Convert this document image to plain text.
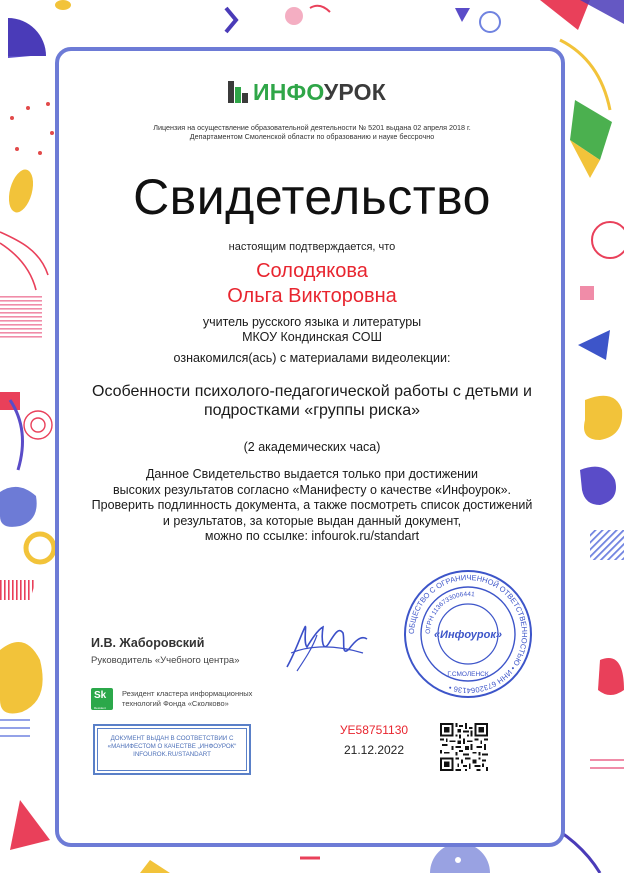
ИНФОУРОК
Лицензия на осуществление образовательной деятельности № 5201 выдана 02 апреля 2018 г.
Департаментом Смоленской области по образованию и науке бессрочно
Свидетельство
настоящим подтверждается, что
Солодякова
Ольга Викторовна
учитель русского языка и литературы
МКОУ Кондинская СОШ
ознакомился(ась) с материалами видеолекции:
Особенности психолого-педагогической работы с детьми и
подростками «группы риска»
(2 академических часа)
Данное Свидетельство выдается только при достижении
высоких результатов согласно «Манифесту о качестве «Инфоурок».
Проверить подлинность документа, а также посмотреть список достижений
и результатов, за которые выдан данный документ,
можно по ссылке: infourok.ru/standart
И.В. Жаборовский
Руководитель «Учебного центра»
ОБЩЕСТВО С ОГРАНИЧЕННОЙ ОТВЕТСТВЕННОСТЬЮ • ИНН 6732064136 •
ОГРН 1136733006441
«Инфоурок»
Г.СМОЛЕНСК
Sk
Resident
Резидент кластера информационных
технологий Фонда «Сколково»
ДОКУМЕНТ ВЫДАН В СООТВЕТСТВИИ С
«МАНИФЕСТОМ О КАЧЕСТВЕ „ИНФОУРОК“
INFOUROK.RU/STANDART
УЕ58751130
21.12.2022
